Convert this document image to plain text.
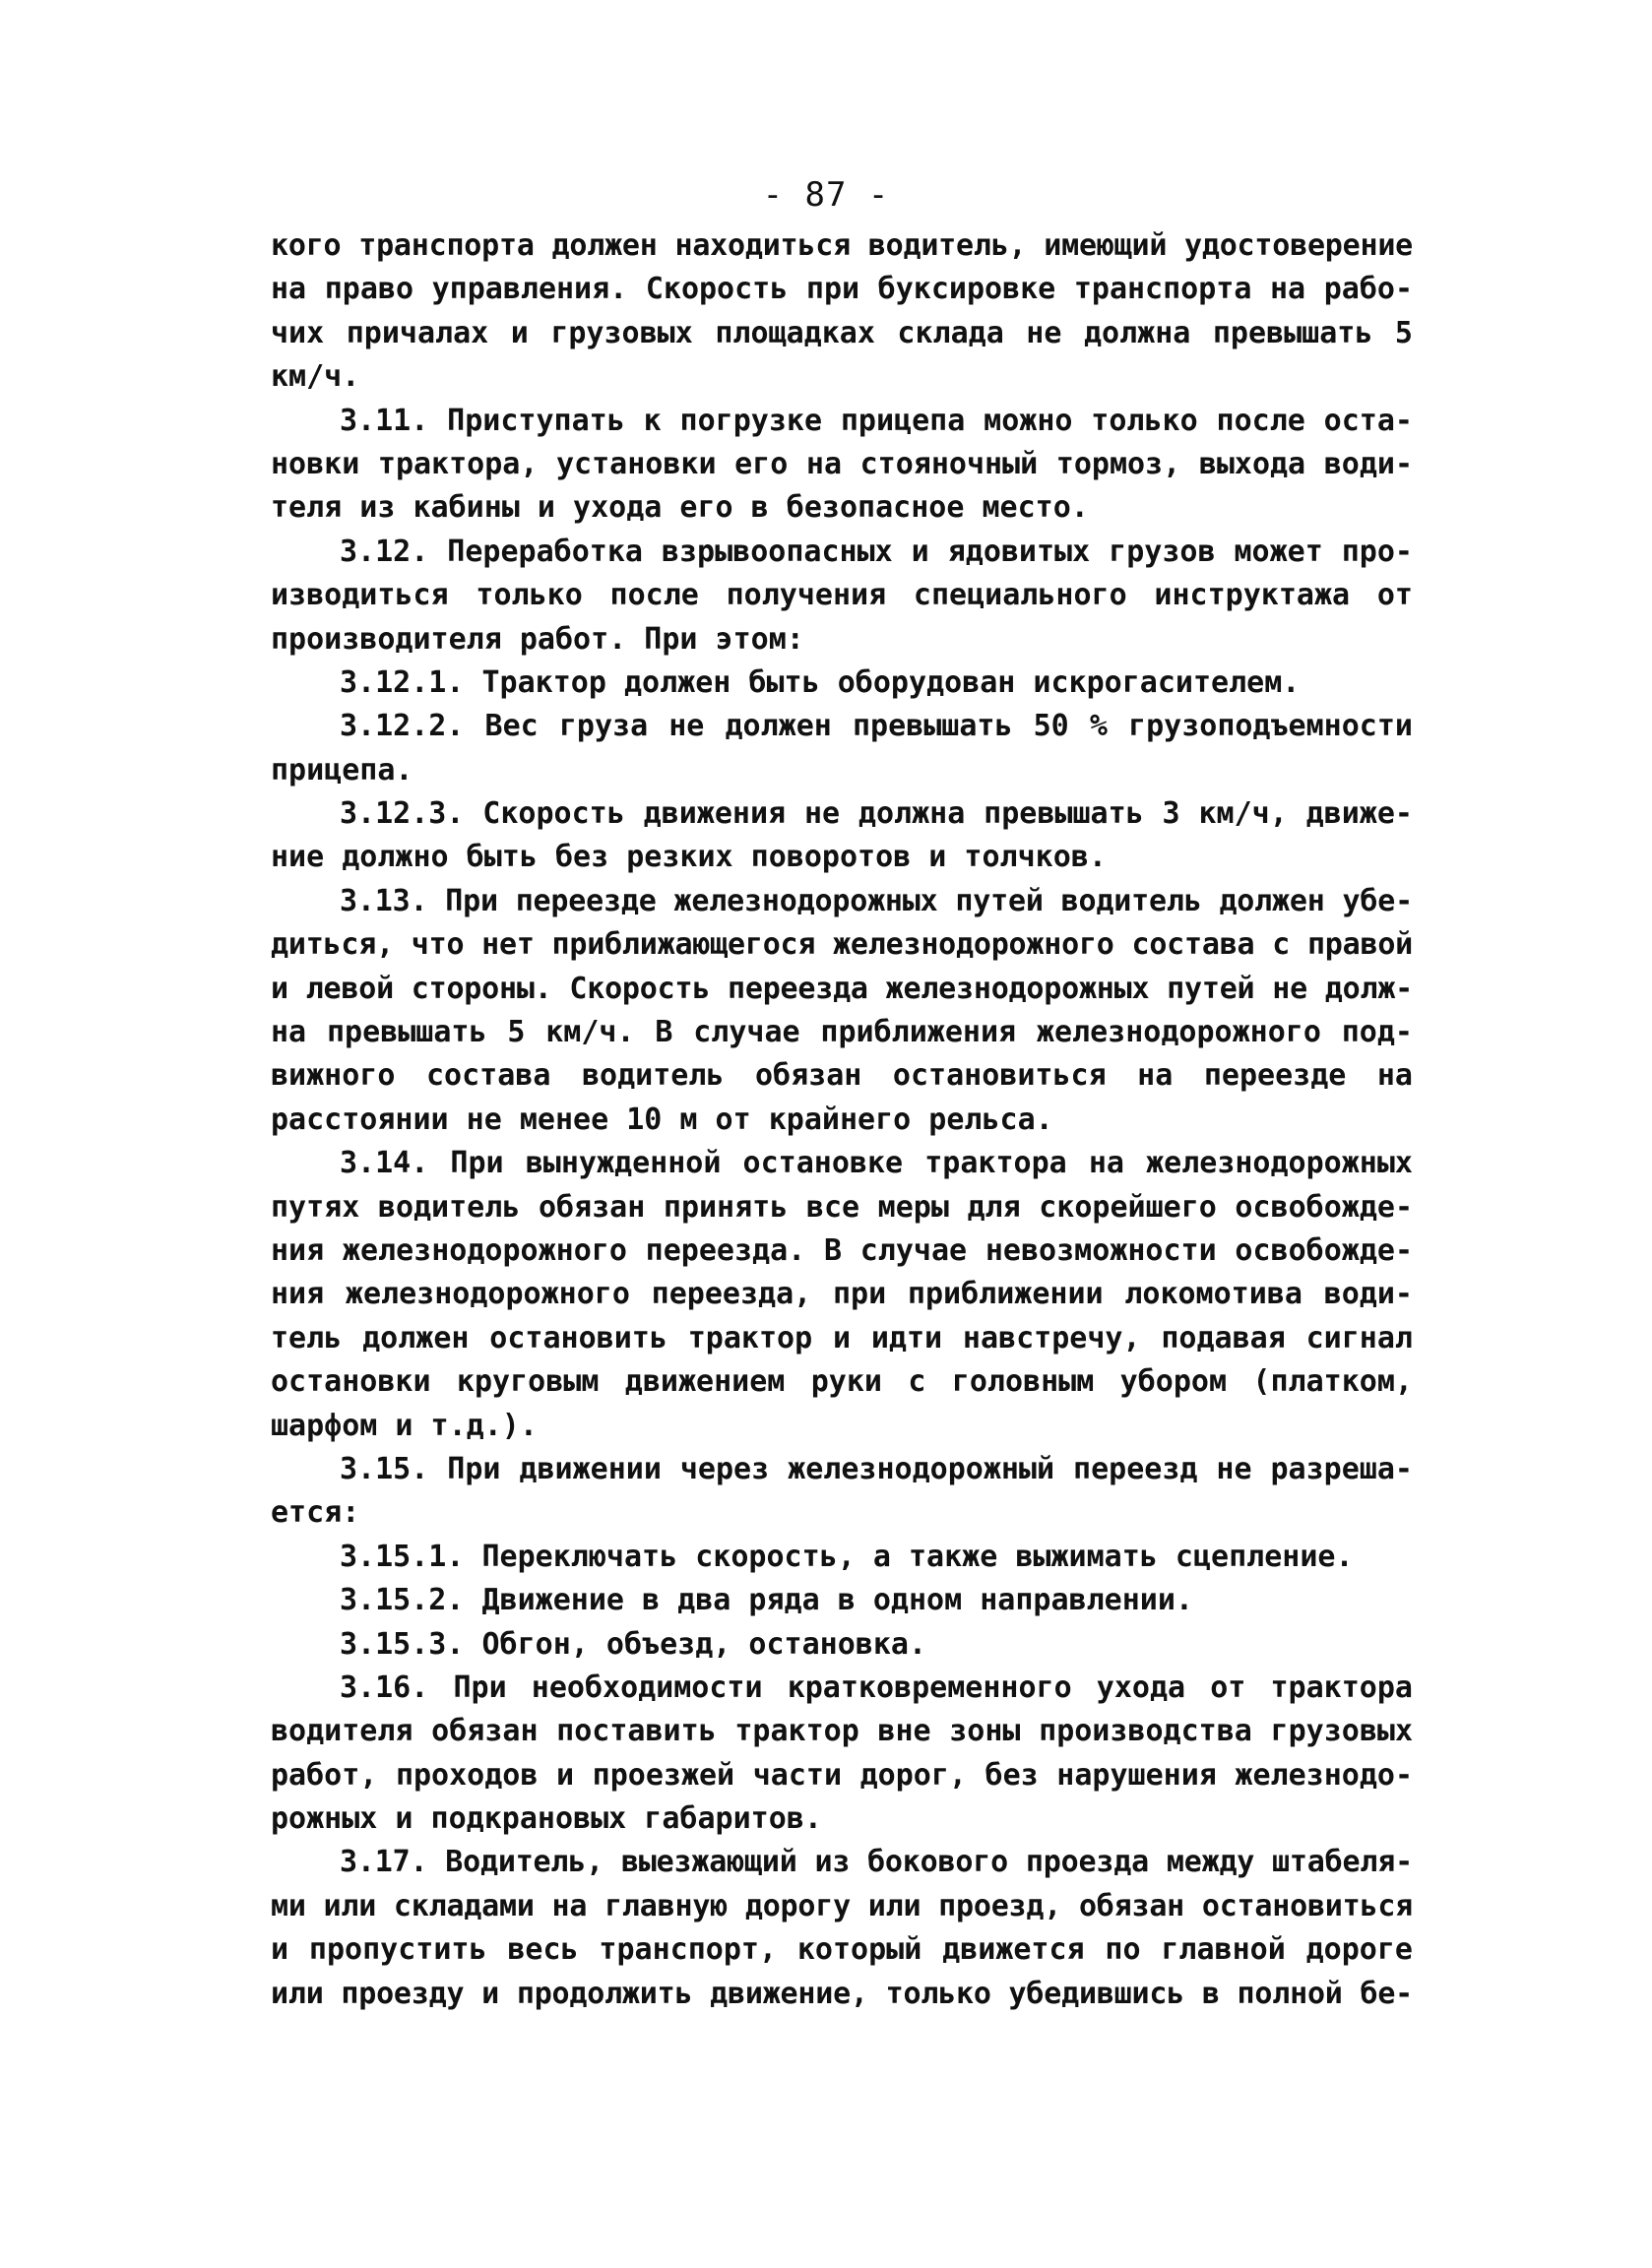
- 87 -
кого транспорта должен находиться водитель, имеющий удостоверение
на право управления. Скорость при буксировке транспорта на рабо-
чих причалах и грузовых площадках склада не должна превышать 5
км/ч.
3.11. Приступать к погрузке прицепа можно только после оста-
новки трактора, установки его на стояночный тормоз, выхода води-
теля из кабины и ухода его в безопасное место.
3.12. Переработка взрывоопасных и ядовитых грузов может про-
изводиться только после получения специального инструктажа от
производителя работ. При этом:
3.12.1. Трактор должен быть оборудован искрогасителем.
3.12.2. Вес груза не должен превышать 50 % грузоподъемности
прицепа.
3.12.3. Скорость движения не должна превышать 3 км/ч, движе-
ние должно быть без резких поворотов и толчков.
3.13. При переезде железнодорожных путей водитель должен убе-
диться, что нет приближающегося железнодорожного состава с правой
и левой стороны. Скорость переезда железнодорожных путей не долж-
на превышать 5 км/ч. В случае приближения железнодорожного под-
вижного состава водитель обязан остановиться на переезде на
расстоянии не менее 10 м от крайнего рельса.
3.14. При вынужденной остановке трактора на железнодорожных
путях водитель обязан принять все меры для скорейшего освобожде-
ния железнодорожного переезда. В случае невозможности освобожде-
ния железнодорожного переезда, при приближении локомотива води-
тель должен остановить трактор и идти навстречу, подавая сигнал
остановки круговым движением руки с головным убором (платком,
шарфом и т.д.).
3.15. При движении через железнодорожный переезд не разреша-
ется:
3.15.1. Переключать скорость, а также выжимать сцепление.
3.15.2. Движение в два ряда в одном направлении.
3.15.3. Обгон, объезд, остановка.
3.16. При необходимости кратковременного ухода от трактора
водителя обязан поставить трактор вне зоны производства грузовых
работ, проходов и проезжей части дорог, без нарушения железнодо-
рожных и подкрановых габаритов.
3.17. Водитель, выезжающий из бокового проезда между штабеля-
ми или складами на главную дорогу или проезд, обязан остановиться
и пропустить весь транспорт, который движется по главной дороге
или проезду и продолжить движение, только убедившись в полной бе-
